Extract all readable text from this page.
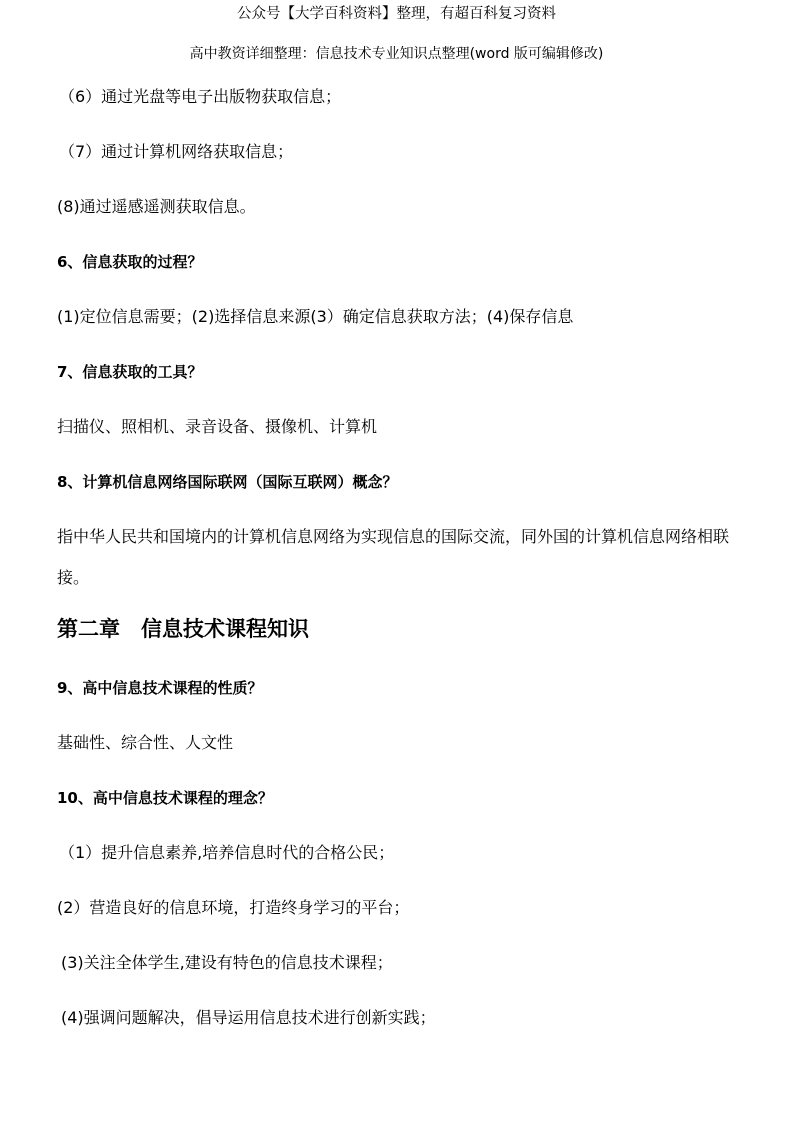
公众号【大学百科资料】整理，有超百科复习资料
高中教资详细整理：信息技术专业知识点整理(word 版可编辑修改)
（6）通过光盘等电子出版物获取信息；
（7）通过计算机网络获取信息；
(8)通过遥感遥测获取信息。
6、信息获取的过程？
(1)定位信息需要；(2)选择信息来源(3）确定信息获取方法；(4)保存信息
7、信息获取的工具？
扫描仪、照相机、录音设备、摄像机、计算机
8、计算机信息网络国际联网（国际互联网）概念？
指中华人民共和国境内的计算机信息网络为实现信息的国际交流，同外国的计算机信息网络相联接。
第二章　信息技术课程知识
9、高中信息技术课程的性质？
基础性、综合性、人文性
10、高中信息技术课程的理念？
（1）提升信息素养,培养信息时代的合格公民；
(2）营造良好的信息环境，打造终身学习的平台；
(3)关注全体学生,建设有特色的信息技术课程；
(4)强调问题解决，倡导运用信息技术进行创新实践；
